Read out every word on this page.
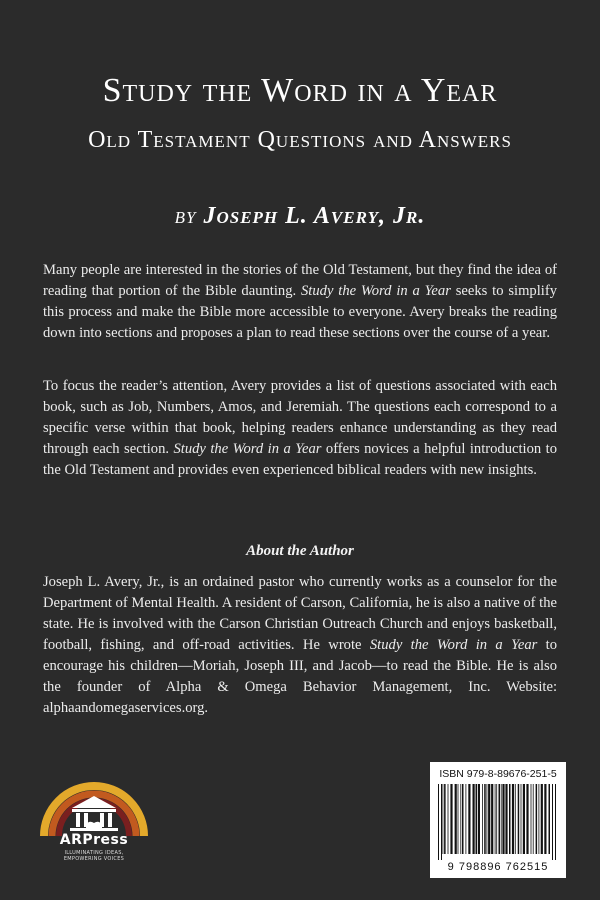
Study the Word in a Year
Old Testament Questions and Answers
by Joseph L. Avery, Jr.
Many people are interested in the stories of the Old Testament, but they find the idea of reading that portion of the Bible daunting. Study the Word in a Year seeks to simplify this process and make the Bible more accessible to everyone. Avery breaks the reading down into sections and proposes a plan to read these sections over the course of a year.
To focus the reader’s attention, Avery provides a list of questions associated with each book, such as Job, Numbers, Amos, and Jeremiah. The questions each correspond to a specific verse within that book, helping readers enhance understanding as they read through each section. Study the Word in a Year offers novices a helpful introduction to the Old Testament and provides even experienced biblical readers with new insights.
About the Author
Joseph L. Avery, Jr., is an ordained pastor who currently works as a counselor for the Department of Mental Health. A resident of Carson, California, he is also a native of the state. He is involved with the Carson Christian Outreach Church and enjoys basketball, football, fishing, and off-road activities. He wrote Study the Word in a Year to encourage his children—Moriah, Joseph III, and Jacob—to read the Bible. He is also the founder of Alpha & Omega Behavior Management, Inc. Website: alphaandomegaservices.org.
ARPress
ILLUMINATING IDEAS,
EMPOWERING VOICES
ISBN 979-8-89676-251-5
9 798896 762515
